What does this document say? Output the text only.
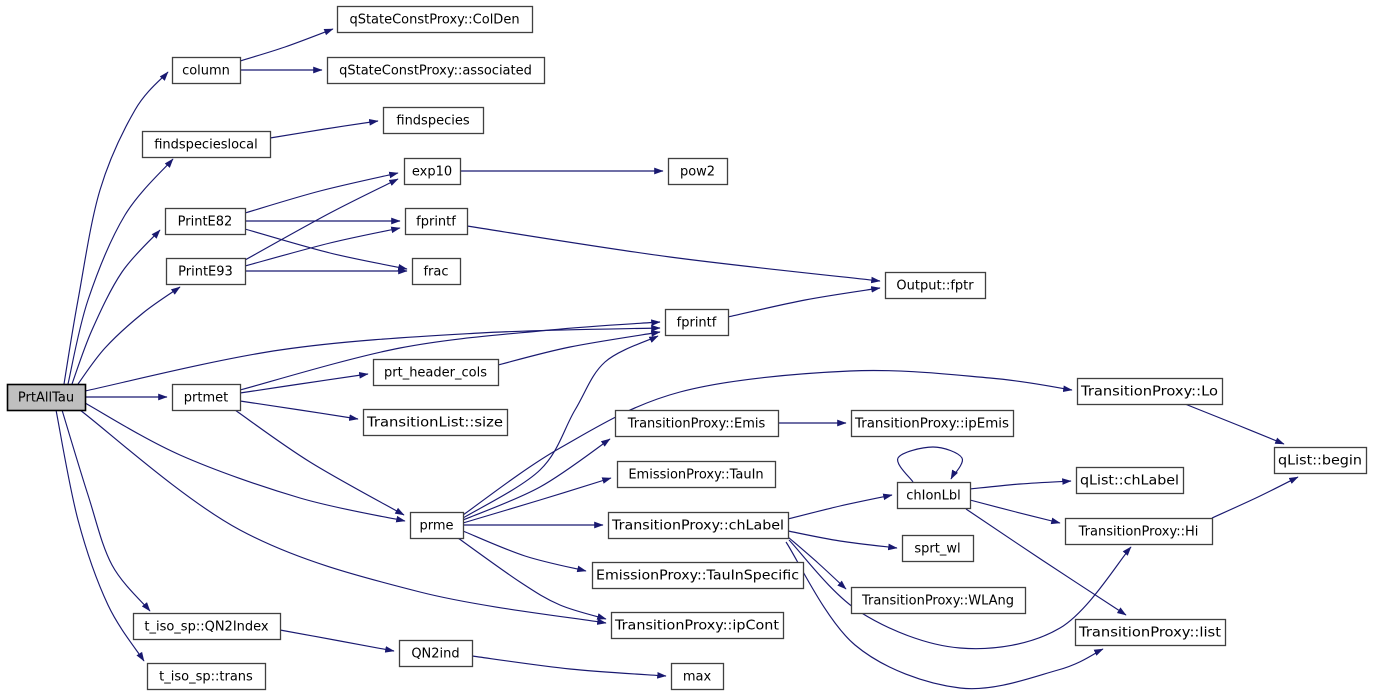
PrtAllTau
column
qStateConstProxy::ColDen
qStateConstProxy::associated
findspecieslocal
findspecies
exp10	pow2
PrintE82	fprintf
frac
PrintE93
Output::fptr
fprintf
prtmet
prt_header_cols
TransitionList::size
TransitionProxy::Lo
TransitionProxy::Emis	TransitionProxy::ipEmis
qList::begin
EmissionProxy::TauIn
chIonLbl
qList::chLabel
prme	TransitionProxy::chLabel	TransitionProxy::Hi
sprt_wl
EmissionProxy::TauInSpecific
TransitionProxy::WLAng
t_iso_sp::QN2Index	TransitionProxy::ipCont	TransitionProxy::list
QN2ind
max
t_iso_sp::trans
